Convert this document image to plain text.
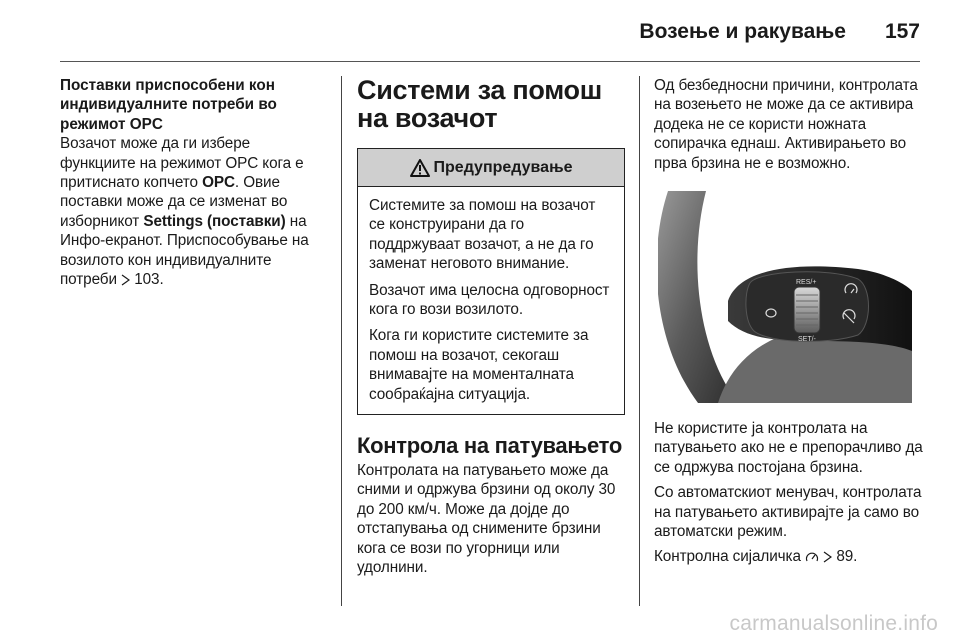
Возење и ракување 157
Поставки приспособени кон индивидуалните потреби во режимот OPC
Возачот може да ги избере функциите на режимот OPC кога е притиснато копчето OPC. Овие поставки може да се изменат во изборникот Settings (поставки) на Инфо-екранот. Приспособување на возилото кон индивидуалните потреби  103.
Системи за помош на возачот
Предупредување
Системите за помош на возачот се конструирани да го поддржуваат возачот, а не да го заменат неговото внимание.
Возачот има целосна одговорност кога го вози возилото.
Кога ги користите системите за помош на возачот, секогаш внимавајте на моменталната сообраќајна ситуација.
Контрола на патувањето
Контролата на патувањето може да сними и одржува брзини од околу 30 до 200 км/ч. Може да дојде до отстапувања од снимените брзини кога се вози по угорници или удолнини.
Од безбедносни причини, контролата на возењето не може да се активира додека не се користи ножната сопирачка еднаш. Активирањето во прва брзина не е возможно.
RES/+
SET/-
Не користите ја контролата на патувањето ако не е препорачливо да се одржува постојана брзина.
Со автоматскиот менувач, контролата на патувањето активирајте ја само во автоматски режим.
Контролна сијаличка   89.
carmanualsonline.info
